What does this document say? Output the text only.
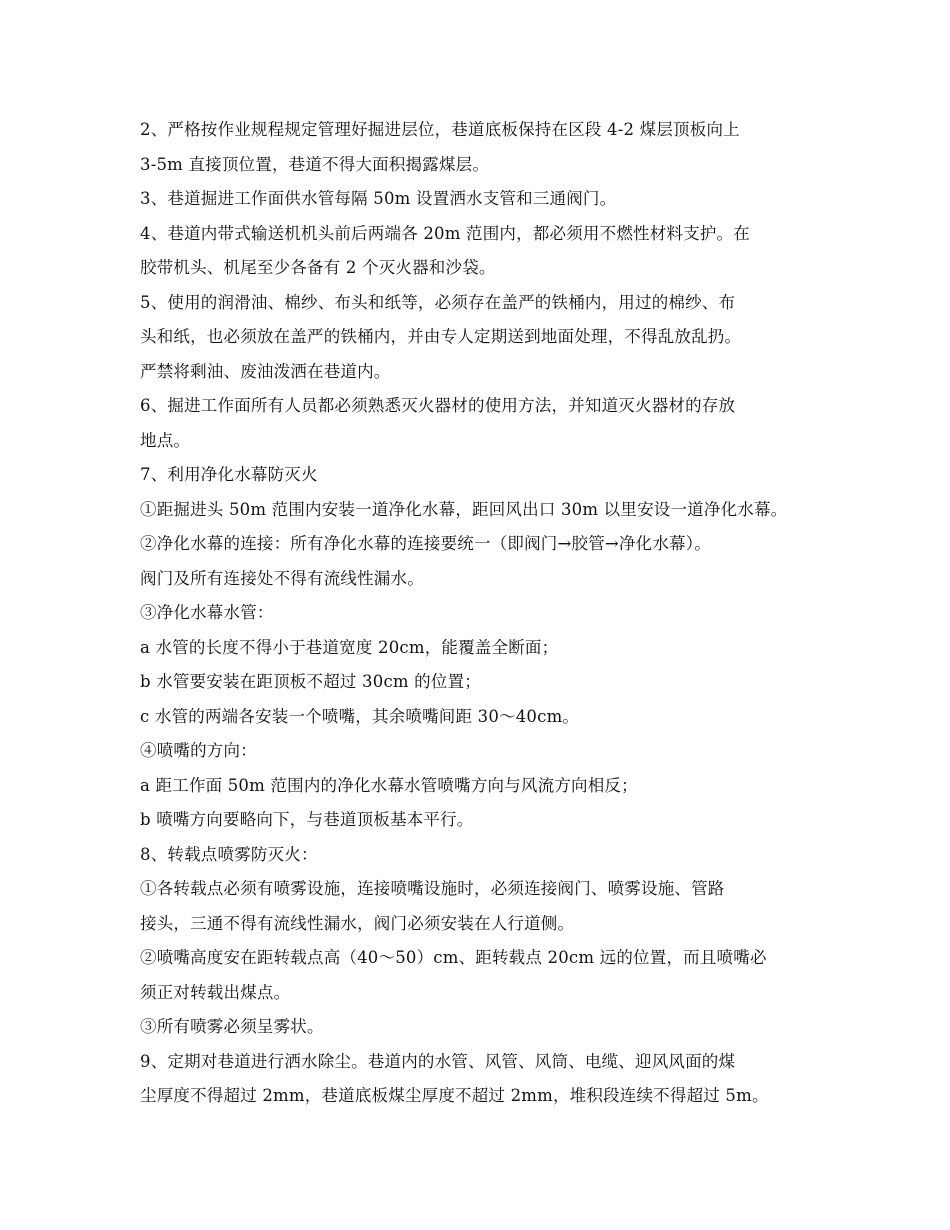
2、严格按作业规程规定管理好掘进层位，巷道底板保持在区段 4-2 煤层顶板向上
3-5m 直接顶位置，巷道不得大面积揭露煤层。
3、巷道掘进工作面供水管每隔 50m 设置洒水支管和三通阀门。
4、巷道内带式输送机机头前后两端各 20m 范围内，都必须用不燃性材料支护。在
胶带机头、机尾至少各备有 2 个灭火器和沙袋。
5、使用的润滑油、棉纱、布头和纸等，必须存在盖严的铁桶内，用过的棉纱、布
头和纸，也必须放在盖严的铁桶内，并由专人定期送到地面处理，不得乱放乱扔。
严禁将剩油、废油泼洒在巷道内。
6、掘进工作面所有人员都必须熟悉灭火器材的使用方法，并知道灭火器材的存放
地点。
7、利用净化水幕防灭火
①距掘进头 50m 范围内安装一道净化水幕，距回风出口 30m 以里安设一道净化水幕。
②净化水幕的连接：所有净化水幕的连接要统一（即阀门→胶管→净化水幕）。
阀门及所有连接处不得有流线性漏水。
③净化水幕水管：
a 水管的长度不得小于巷道宽度 20cm，能覆盖全断面；
b 水管要安装在距顶板不超过 30cm 的位置；
c 水管的两端各安装一个喷嘴，其余喷嘴间距 30～40cm。
④喷嘴的方向：
a 距工作面 50m 范围内的净化水幕水管喷嘴方向与风流方向相反；
b 喷嘴方向要略向下，与巷道顶板基本平行。
8、转载点喷雾防灭火：
①各转载点必须有喷雾设施，连接喷嘴设施时，必须连接阀门、喷雾设施、管路
接头，三通不得有流线性漏水，阀门必须安装在人行道侧。
②喷嘴高度安在距转载点高（40～50）cm、距转载点 20cm 远的位置，而且喷嘴必
须正对转载出煤点。
③所有喷雾必须呈雾状。
9、定期对巷道进行洒水除尘。巷道内的水管、风管、风筒、电缆、迎风风面的煤
尘厚度不得超过 2mm，巷道底板煤尘厚度不超过 2mm，堆积段连续不得超过 5m。
